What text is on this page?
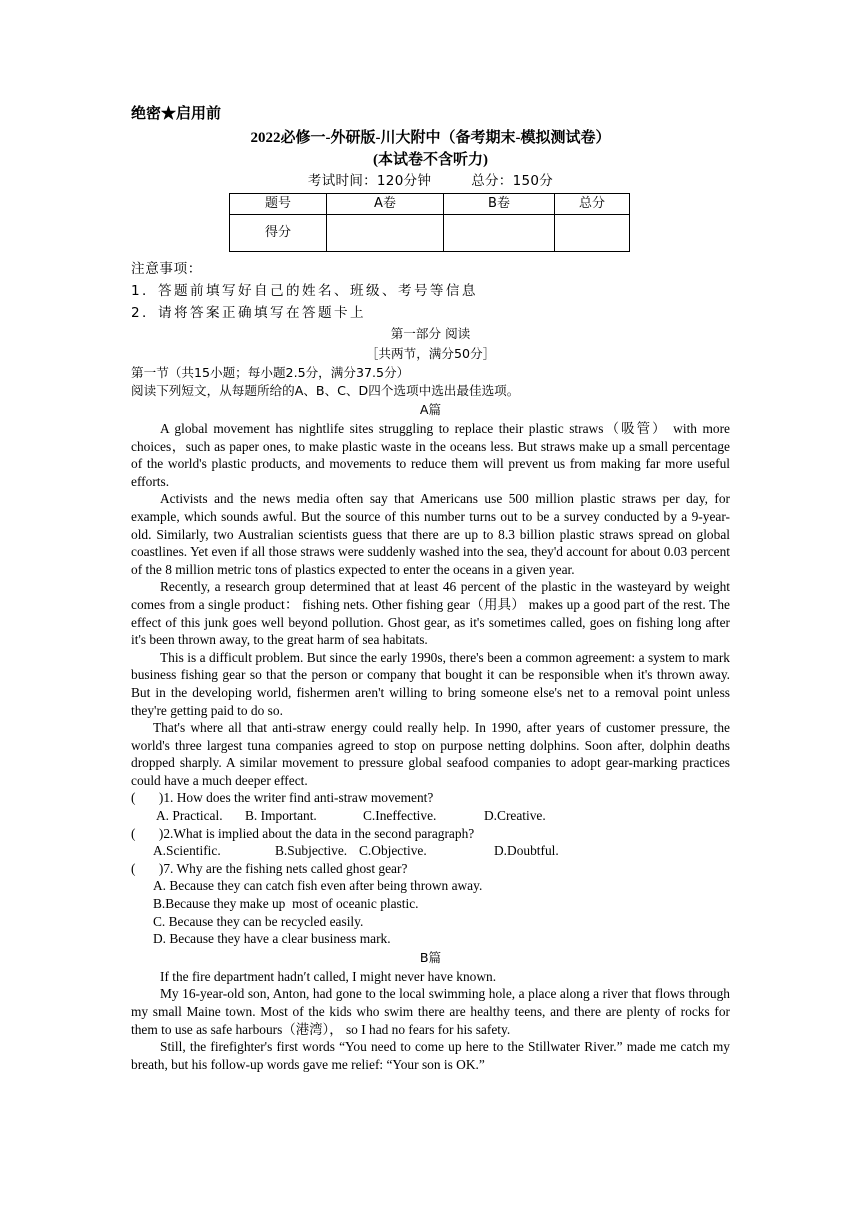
绝密★启用前
2022必修一-外研版-川大附中（备考期末-模拟测试卷）
(本试卷不含听力)
考试时间：120分钟	总分：150分
题号	A卷	B卷	总分
得分			
注意事项：
1．答题前填写好自己的姓名、班级、考号等信息
2．请将答案正确填写在答题卡上
第一部分 阅读
［共两节，满分50分］
第一节（共15小题；每小题2.5分，满分37.5分）
阅读下列短文，从每题所给的A、B、C、D四个选项中选出最佳选项。
A篇

A global movement has nightlife sites struggling to replace their plastic straws（吸管） with more choices，such as paper ones, to make plastic waste in the oceans less. But straws make up a small percentage of the world's plastic products, and movements to reduce them will prevent us from making far more useful efforts.

Activists and the news media often say that Americans use 500 million plastic straws per day, for example, which sounds awful. But the source of this number turns out to be a survey conducted by a 9-year-old. Similarly, two Australian scientists guess that there are up to 8.3 billion plastic straws spread on global coastlines. Yet even if all those straws were suddenly washed into the sea, they'd account for about 0.03 percent of the 8 million metric tons of plastics expected to enter the oceans in a given year.

Recently, a research group determined that at least 46 percent of the plastic in the wasteyard by weight comes from a single product： fishing nets. Other fishing gear（用具） makes up a good part of the rest. The effect of this junk goes well beyond pollution. Ghost gear, as it's sometimes called, goes on fishing long after it's been thrown away, to the great harm of sea habitats.

This is a difficult problem. But since the early 1990s, there's been a common agreement: a system to mark business fishing gear so that the person or company that bought it can be responsible when it's thrown away. But in the developing world, fishermen aren't willing to bring someone else's net to a removal point unless they're getting paid to do so.

That's where all that anti-straw energy could really help. In 1990, after years of customer pressure, the world's three largest tuna companies agreed to stop on purpose netting dolphins. Soon after, dolphin deaths dropped sharply. A similar movement to pressure global seafood companies to adopt gear-marking practices could have a much deeper effect.

(       )1. How does the writer find anti-straw movement?

A. Practical.	B. Important.	C.Ineffective.	D.Creative.

(       )2.What is implied about the data in the second paragraph?

A.Scientific.	B.Subjective. C.Objective.	D.Doubtful.

(       )7. Why are the fishing nets called ghost gear?

A. Because they can catch fish even after being thrown away.

B.Because they make up  most of oceanic plastic.

C. Because they can be recycled easily.

D. Because they have a clear business mark.

B篇

If the fire department hadn′t called, I might never have known.

My 16-year-old son, Anton, had gone to the local swimming hole, a place along a river that flows through my small Maine town. Most of the kids who swim there are healthy teens, and there are plenty of rocks for them to use as safe harbours（港湾）， so I had no fears for his safety.

Still, the firefighter's first words “You need to come up here to the Stillwater River.” made me catch my breath, but his follow-up words gave me relief: “Your son is OK.”
